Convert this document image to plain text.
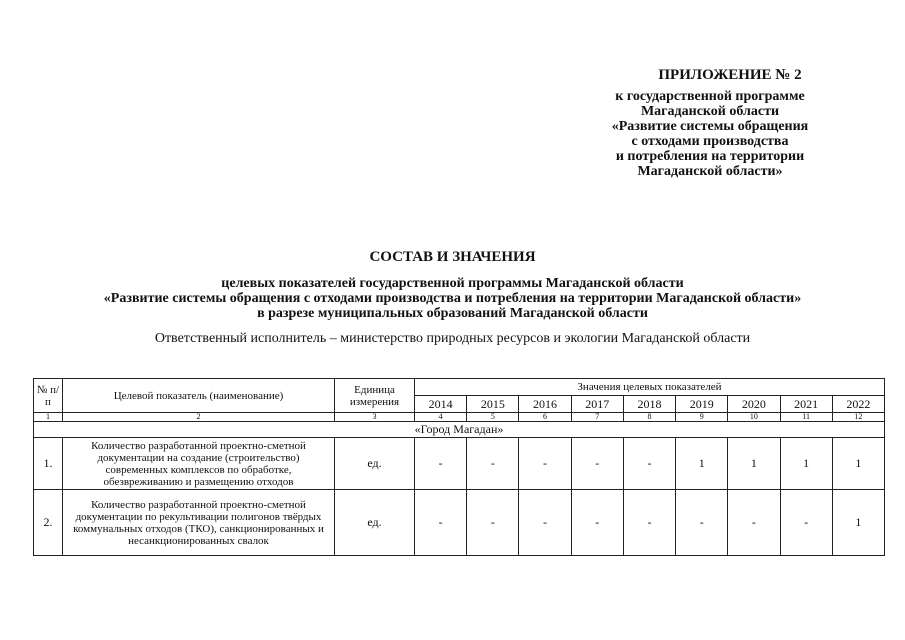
ПРИЛОЖЕНИЕ № 2
к государственной программе
Магаданской области
«Развитие системы обращения
с отходами производства
и потребления на территории
Магаданской области»
СОСТАВ И ЗНАЧЕНИЯ
целевых показателей государственной программы Магаданской области
«Развитие системы обращения с отходами производства и потребления на территории Магаданской области»
в разрезе муниципальных образований Магаданской области
Ответственный исполнитель – министерство природных ресурсов и экологии Магаданской области
№ п/п	Целевой показатель (наименование)	Единица измерения	Значения целевых показателей								
			2014	2015	2016	2017	2018	2019	2020	2021	2022
1	2	3	4	5	6	7	8	9	10	11	12
«Город Магадан»											
1.	Количество разработанной проектно-сметной документации на создание (строительство) современных комплексов по обработке, обезвреживанию и размещению отходов	ед.	-	-	-	-	-	1	1	1	1
2.	Количество разработанной проектно-сметной документации по рекультивации полигонов твёрдых коммунальных отходов (ТКО), санкционированных и несанкционированных свалок	ед.	-	-	-	-	-	-	-	-	1
